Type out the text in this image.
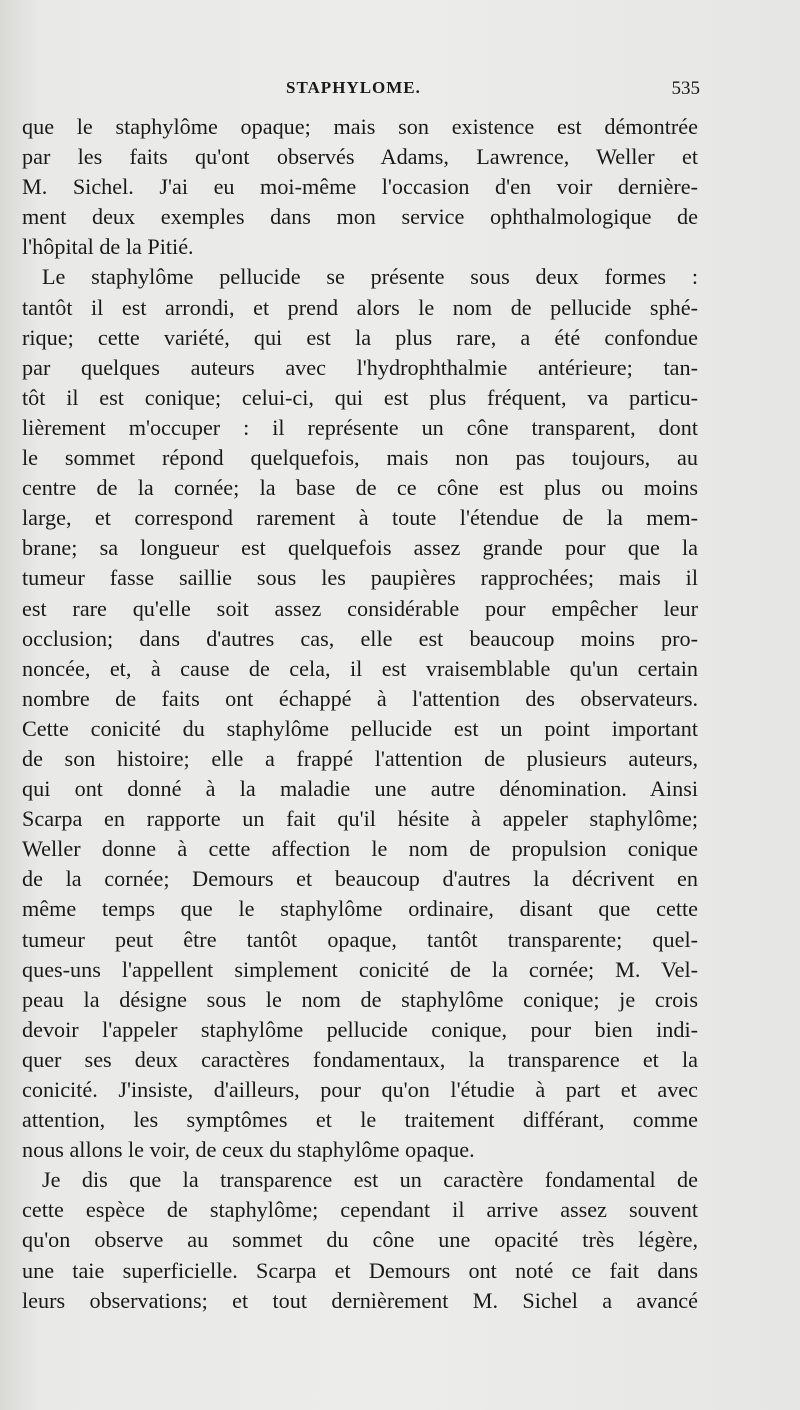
STAPHYLOME.	535
que le staphylôme opaque; mais son existence est démontrée
par les faits qu'ont observés Adams, Lawrence, Weller et
M. Sichel. J'ai eu moi-même l'occasion d'en voir dernière-
ment deux exemples dans mon service ophthalmologique de
l'hôpital de la Pitié.
Le staphylôme pellucide se présente sous deux formes :
tantôt il est arrondi, et prend alors le nom de pellucide sphé-
rique; cette variété, qui est la plus rare, a été confondue
par quelques auteurs avec l'hydrophthalmie antérieure; tan-
tôt il est conique; celui-ci, qui est plus fréquent, va particu-
lièrement m'occuper : il représente un cône transparent, dont
le sommet répond quelquefois, mais non pas toujours, au
centre de la cornée; la base de ce cône est plus ou moins
large, et correspond rarement à toute l'étendue de la mem-
brane; sa longueur est quelquefois assez grande pour que la
tumeur fasse saillie sous les paupières rapprochées; mais il
est rare qu'elle soit assez considérable pour empêcher leur
occlusion; dans d'autres cas, elle est beaucoup moins pro-
noncée, et, à cause de cela, il est vraisemblable qu'un certain
nombre de faits ont échappé à l'attention des observateurs.
Cette conicité du staphylôme pellucide est un point important
de son histoire; elle a frappé l'attention de plusieurs auteurs,
qui ont donné à la maladie une autre dénomination. Ainsi
Scarpa en rapporte un fait qu'il hésite à appeler staphylôme;
Weller donne à cette affection le nom de propulsion conique
de la cornée; Demours et beaucoup d'autres la décrivent en
même temps que le staphylôme ordinaire, disant que cette
tumeur peut être tantôt opaque, tantôt transparente; quel-
ques-uns l'appellent simplement conicité de la cornée; M. Vel-
peau la désigne sous le nom de staphylôme conique; je crois
devoir l'appeler staphylôme pellucide conique, pour bien indi-
quer ses deux caractères fondamentaux, la transparence et la
conicité. J'insiste, d'ailleurs, pour qu'on l'étudie à part et avec
attention, les symptômes et le traitement différant, comme
nous allons le voir, de ceux du staphylôme opaque.
Je dis que la transparence est un caractère fondamental de
cette espèce de staphylôme; cependant il arrive assez souvent
qu'on observe au sommet du cône une opacité très légère,
une taie superficielle. Scarpa et Demours ont noté ce fait dans
leurs observations; et tout dernièrement M. Sichel a avancé
